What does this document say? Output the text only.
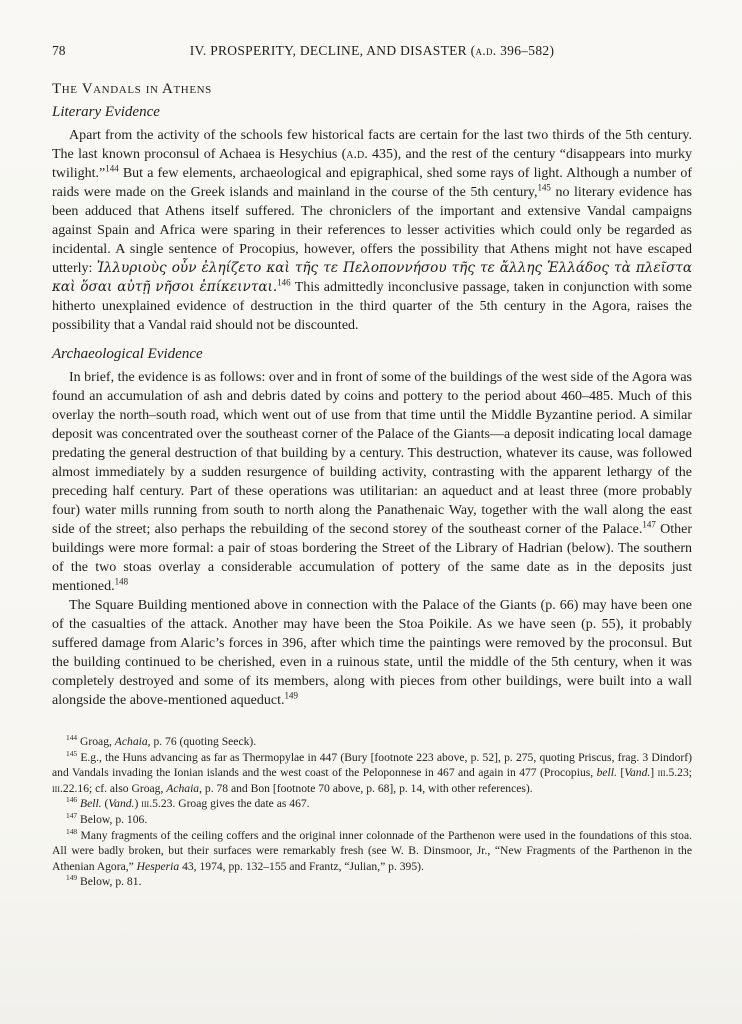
78	IV. PROSPERITY, DECLINE, AND DISASTER (a.d. 396–582)
The Vandals in Athens
Literary Evidence

Apart from the activity of the schools few historical facts are certain for the last two thirds of the 5th century. The last known proconsul of Achaea is Hesychius (a.d. 435), and the rest of the century “disappears into murky twilight.”$^{144}$ But a few elements, archaeological and epigraphical, shed some rays of light. Although a number of raids were made on the Greek islands and mainland in the course of the 5th century,$^{145}$ no literary evidence has been adduced that Athens itself suffered. The chroniclers of the important and extensive Vandal campaigns against Spain and Africa were sparing in their references to lesser activities which could only be regarded as incidental. A single sentence of Procopius, however, offers the possibility that Athens might not have escaped utterly: Ἰλλυριοὺς οὖν ἐληίζετο καὶ τῆς τε Πελοποννήσου τῆς τε ἄλλης Ἑλλάδος τὰ πλεῖστα καὶ ὅσαι αὐτῇ νῆσοι ἐπίκεινται.$^{146}$ This admittedly inconclusive passage, taken in conjunction with some hitherto unexplained evidence of destruction in the third quarter of the 5th century in the Agora, raises the possibility that a Vandal raid should not be discounted.

Archaeological Evidence

In brief, the evidence is as follows: over and in front of some of the buildings of the west side of the Agora was found an accumulation of ash and debris dated by coins and pottery to the period about 460–485. Much of this overlay the north–south road, which went out of use from that time until the Middle Byzantine period. A similar deposit was concentrated over the southeast corner of the Palace of the Giants—a deposit indicating local damage predating the general destruction of that building by a century. This destruction, whatever its cause, was followed almost immediately by a sudden resurgence of building activity, contrasting with the apparent lethargy of the preceding half century. Part of these operations was utilitarian: an aqueduct and at least three (more probably four) water mills running from south to north along the Panathenaic Way, together with the wall along the east side of the street; also perhaps the rebuilding of the second storey of the southeast corner of the Palace.$^{147}$ Other buildings were more formal: a pair of stoas bordering the Street of the Library of Hadrian (below). The southern of the two stoas overlay a considerable accumulation of pottery of the same date as in the deposits just mentioned.$^{148}$

The Square Building mentioned above in connection with the Palace of the Giants (p. 66) may have been one of the casualties of the attack. Another may have been the Stoa Poikile. As we have seen (p. 55), it probably suffered damage from Alaric’s forces in 396, after which time the paintings were removed by the proconsul. But the building continued to be cherished, even in a ruinous state, until the middle of the 5th century, when it was completely destroyed and some of its members, along with pieces from other buildings, were built into a wall alongside the above-mentioned aqueduct.$^{149}$

$^{144}$ Groag, Achaia, p. 76 (quoting Seeck).

$^{145}$ E.g., the Huns advancing as far as Thermopylae in 447 (Bury [footnote 223 above, p. 52], p. 275, quoting Priscus, frag. 3 Dindorf) and Vandals invading the Ionian islands and the west coast of the Peloponnese in 467 and again in 477 (Procopius, bell. [Vand.] iii.5.23; iii.22.16; cf. also Groag, Achaia, p. 78 and Bon [footnote 70 above, p. 68], p. 14, with other references).

$^{146}$ Bell. (Vand.) iii.5.23. Groag gives the date as 467.

$^{147}$ Below, p. 106.

$^{148}$ Many fragments of the ceiling coffers and the original inner colonnade of the Parthenon were used in the foundations of this stoa. All were badly broken, but their surfaces were remarkably fresh (see W. B. Dinsmoor, Jr., “New Fragments of the Parthenon in the Athenian Agora,” Hesperia 43, 1974, pp. 132–155 and Frantz, “Julian,” p. 395).

$^{149}$ Below, p. 81.
